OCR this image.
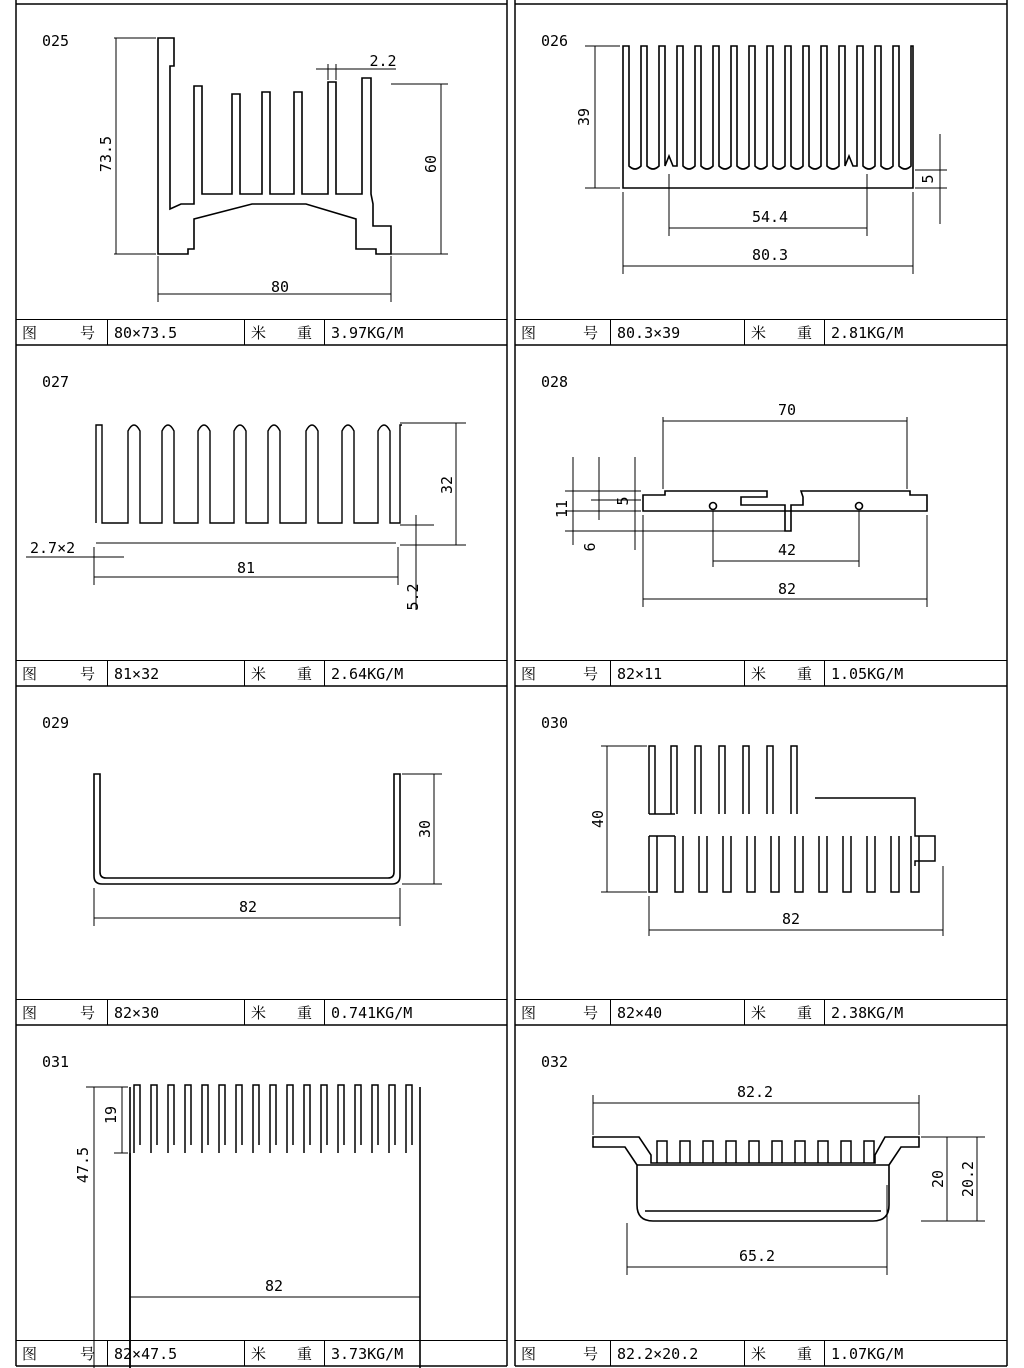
025
73.5	60
80
2.2
图	号	80×73.5	米 重	3.97KG/M
026
39
80.3
54.4
5
图	号	80.3×39	米 重	2.81KG/M
027
32
81
2.7×2
5.2
图	号	81×32	米 重	2.64KG/M
028
70
42
82
11	5
6
图	号	82×11	米 重	1.05KG/M
029
30
82
图	号	82×30	米 重	0.741KG/M
030
40
82
图	号	82×40	米 重	2.38KG/M
031
47.5
19
82
图	号	82×47.5	米 重	3.73KG/M
032
82.2
65.2
20 20.2
图	号	82.2×20.2	米 重	1.07KG/M
